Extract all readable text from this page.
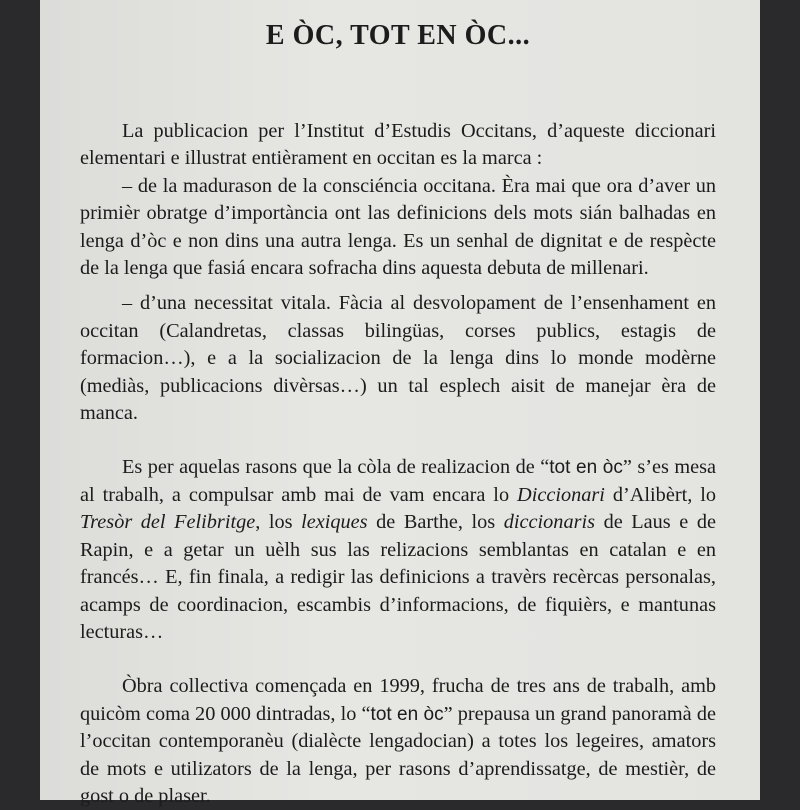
E ÒC, TOT EN ÒC...

La publicacion per l’Institut d’Estudis Occitans, d’aqueste diccionari elementari e illustrat entièrament en occitan es la marca :

– de la madurason de la consciéncia occitana. Èra mai que ora d’aver un primièr obratge d’importància ont las definicions dels mots sián balhadas en lenga d’òc e non dins una autra lenga. Es un senhal de dignitat e de respècte de la lenga que fasiá encara sofracha dins aquesta debuta de millenari.

– d’una necessitat vitala. Fàcia al desvolopament de l’ensenhament en occitan (Calandretas, classas bilingüas, corses publics, estagis de formacion…), e a la socializacion de la lenga dins lo monde modèrne (mediàs, publicacions divèrsas…) un tal esplech aisit de manejar èra de manca.

Es per aquelas rasons que la còla de realizacion de “tot en òc” s’es mesa al trabalh, a compulsar amb mai de vam encara lo Diccionari d’Alibèrt, lo Tresòr del Felibritge, los lexiques de Barthe, los diccionaris de Laus e de Rapin, e a getar un uèlh sus las relizacions semblantas en catalan e en francés… E, fin finala, a redigir las definicions a travèrs recèrcas personalas, acamps de coordinacion, escambis d’informacions, de fiquièrs, e mantunas lecturas…

Òbra collectiva començada en 1999, frucha de tres ans de trabalh, amb quicòm coma 20 000 dintradas, lo “tot en òc” prepausa un grand panoramà de l’occitan contemporanèu (dialècte lengadocian) a totes los legeires, amators de mots e utilizators de la lenga, per rasons d’aprendissatge, de mestièr, de gost o de plaser.
